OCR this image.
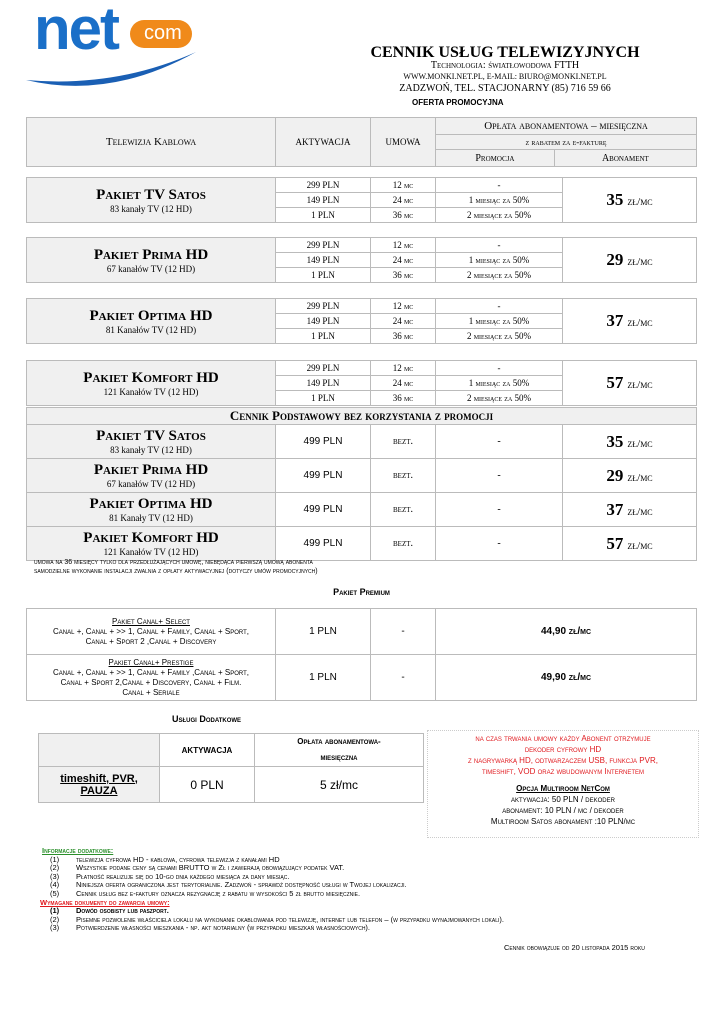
net com
CENNIK USŁUG TELEWIZYJNYCH
Technologia: światłowodowa FTTH
WWW.MONKI.NET.PL, E-MAIL: BIURO@MONKI.NET.PL
ZADZWOŃ, TEL. STACJONARNY (85) 716 59 66
OFERTA PROMOCYJNA
Telewizja Kablowa	AKTYWACJA	UMOWA	Opłata abonamentowa – miesięczna	
			z rabatem za e-fakturę	
			Promocja	Abonament
Pakiet TV Satos
83 kanały TV (12 HD)	299 PLN	12 mc	-	35 zł/mc
	149 PLN	24 mc	1 miesiąc za 50%	
	1 PLN	36 mc	2 miesiące za 50%	
Pakiet Prima HD
67 kanałów TV (12 HD)	299 PLN	12 mc	-	29 zł/mc
	149 PLN	24 mc	1 miesiąc za 50%	
	1 PLN	36 mc	2 miesiące za 50%	
Pakiet Optima HD
81 Kanałów TV (12 HD)	299 PLN	12 mc	-	37 zł/mc
	149 PLN	24 mc	1 miesiąc za 50%	
	1 PLN	36 mc	2 miesiące za 50%	
Pakiet Komfort HD
121 Kanałów TV (12 HD)	299 PLN	12 mc	-	57 zł/mc
	149 PLN	24 mc	1 miesiąc za 50%	
	1 PLN	36 mc	2 miesiące za 50%	
Cennik Podstawowy bez korzystania z promocji
Pakiet TV Satos
83 kanały TV (12 HD)
	499 PLN	bezt.	-	35 zł/mc
Pakiet Prima HD
67 kanałów TV (12 HD)
	499 PLN	bezt.	-	29 zł/mc
Pakiet Optima HD
81 Kanały TV (12 HD)
	499 PLN	bezt.	-	37 zł/mc
Pakiet Komfort HD
121 Kanałów TV (12 HD)
	499 PLN	bezt.	-	57 zł/mc
umowa na 36 miesięcy tylko dla przedłużających umowę, niebędąca pierwszą umową abonenta
samodzielne wykonanie instalacji zwalnia z opłaty aktywacyjnej (dotyczy umów promocyjnych)
Pakiet Premium
Pakiet Canal+ Select
Canal +, Canal + >> 1, Canal + Family, Canal + Sport,
Canal + Sport 2 ,Canal + Discovery
	1 PLN	-	44,90 zł/mc
Pakiet Canal+ Prestige
Canal +, Canal + >> 1, Canal + Family ,Canal + Sport,
Canal + Sport 2,Canal + Discovery, Canal + Film.
Canal + Seriale
	1 PLN	-	49,90 zł/mc
Usługi Dodatkowe
	AKTYWACJA	Opłata abonamentowa-
miesięczna
timeshift, PVR,
PAUZA	0 PLN	5 zł/mc
na czas trwania umowy każdy Abonent otrzymuje
dekoder cyfrowy HD
z nagrywarką HD, odtwarzaczem USB, funkcja PVR,
timeshift, VOD oraz wbudowanym Internetem
Opcja Multiroom NetCom
aktywacja: 50 PLN / dekoder
abonament: 10 PLN / mc / dekoder
Multiroom Satos abonament :10 PLN/mc
Informacje dodatkowe:
(1) telewizja cyfrowa HD - kablowa, cyfrowa telewizja z kanałami HD
(2) Wszystkie podane ceny są cenami BRUTTO w Zł i zawierają obowiązujący podatek VAT.
(3) Płatność realizuje się do 10-go dnia każdego miesiąca za dany miesiąc.
(4) Niniejsza oferta ograniczona jest terytorialnie. Zadzwoń - sprawdź dostępność usługi w Twojej lokalizacji.
(5) Cennik usług bez e-faktury oznacza rezygnację z rabatu w wysokości 5 zł brutto miesięcznie.
Wymagane dokumenty do zawarcia umowy:
(1) Dowód osobisty lub paszport.
(2) Pisemne pozwolenie właściciela lokalu na wykonanie okablowania pod telewizję, internet lub telefon – (w przypadku wynajmowanych lokali).
(3) Potwierdzenie własności mieszkania - np. akt notarialny (w przypadku mieszkań własnościowych).
Cennik obowiązuje od 20 listopada 2015 roku
